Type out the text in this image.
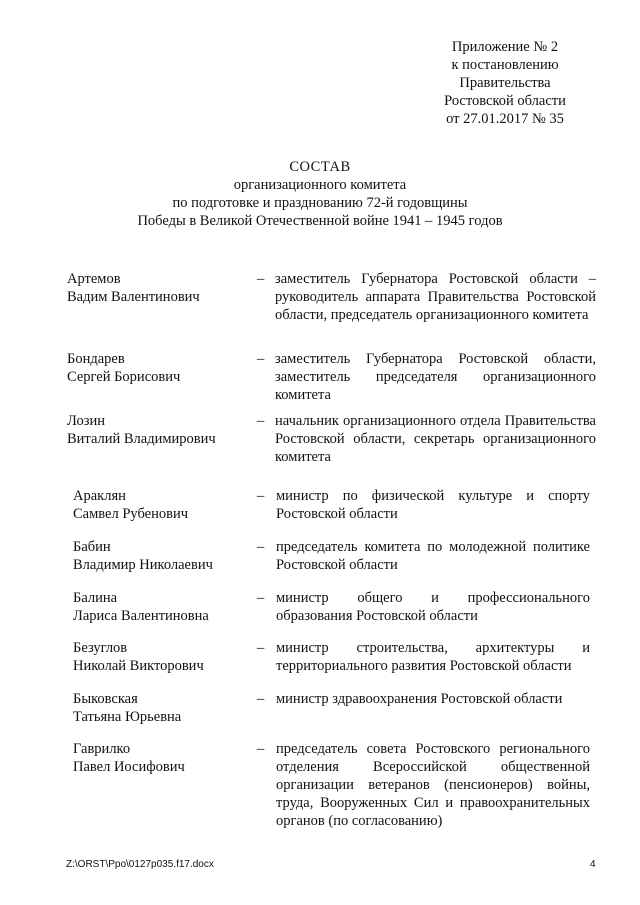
Приложение № 2
к постановлению
Правительства
Ростовской области
от 27.01.2017 № 35
СОСТАВ
организационного комитета
по подготовке и празднованию 72-й годовщины
Победы в Великой Отечественной войне 1941 – 1945 годов
Артемов
Вадим Валентинович
– заместитель Губернатора Ростовской области – руководитель аппарата Правительства Ростовской области, председатель организационного комитета
Бондарев
Сергей Борисович
– заместитель Губернатора Ростовской области, заместитель председателя организационного комитета
Лозин
Виталий Владимирович
– начальник организационного отдела Правительства Ростовской области, секретарь организационного комитета
Араклян
Самвел Рубенович
– министр по физической культуре и спорту Ростовской области
Бабин
Владимир Николаевич
– председатель комитета по молодежной политике Ростовской области
Балина
Лариса Валентиновна
– министр общего и профессионального образования Ростовской области
Безуглов
Николай Викторович
– министр строительства, архитектуры и территориального развития Ростовской области
Быковская
Татьяна Юрьевна
– министр здравоохранения Ростовской области
Гаврилко
Павел Иосифович
– председатель совета Ростовского регионального отделения Всероссийской общественной организации ветеранов (пенсионеров) войны, труда, Вооруженных Сил и правоохранительных органов (по согласованию)
Z:\ORST\Ppo\0127p035.f17.docx	4
